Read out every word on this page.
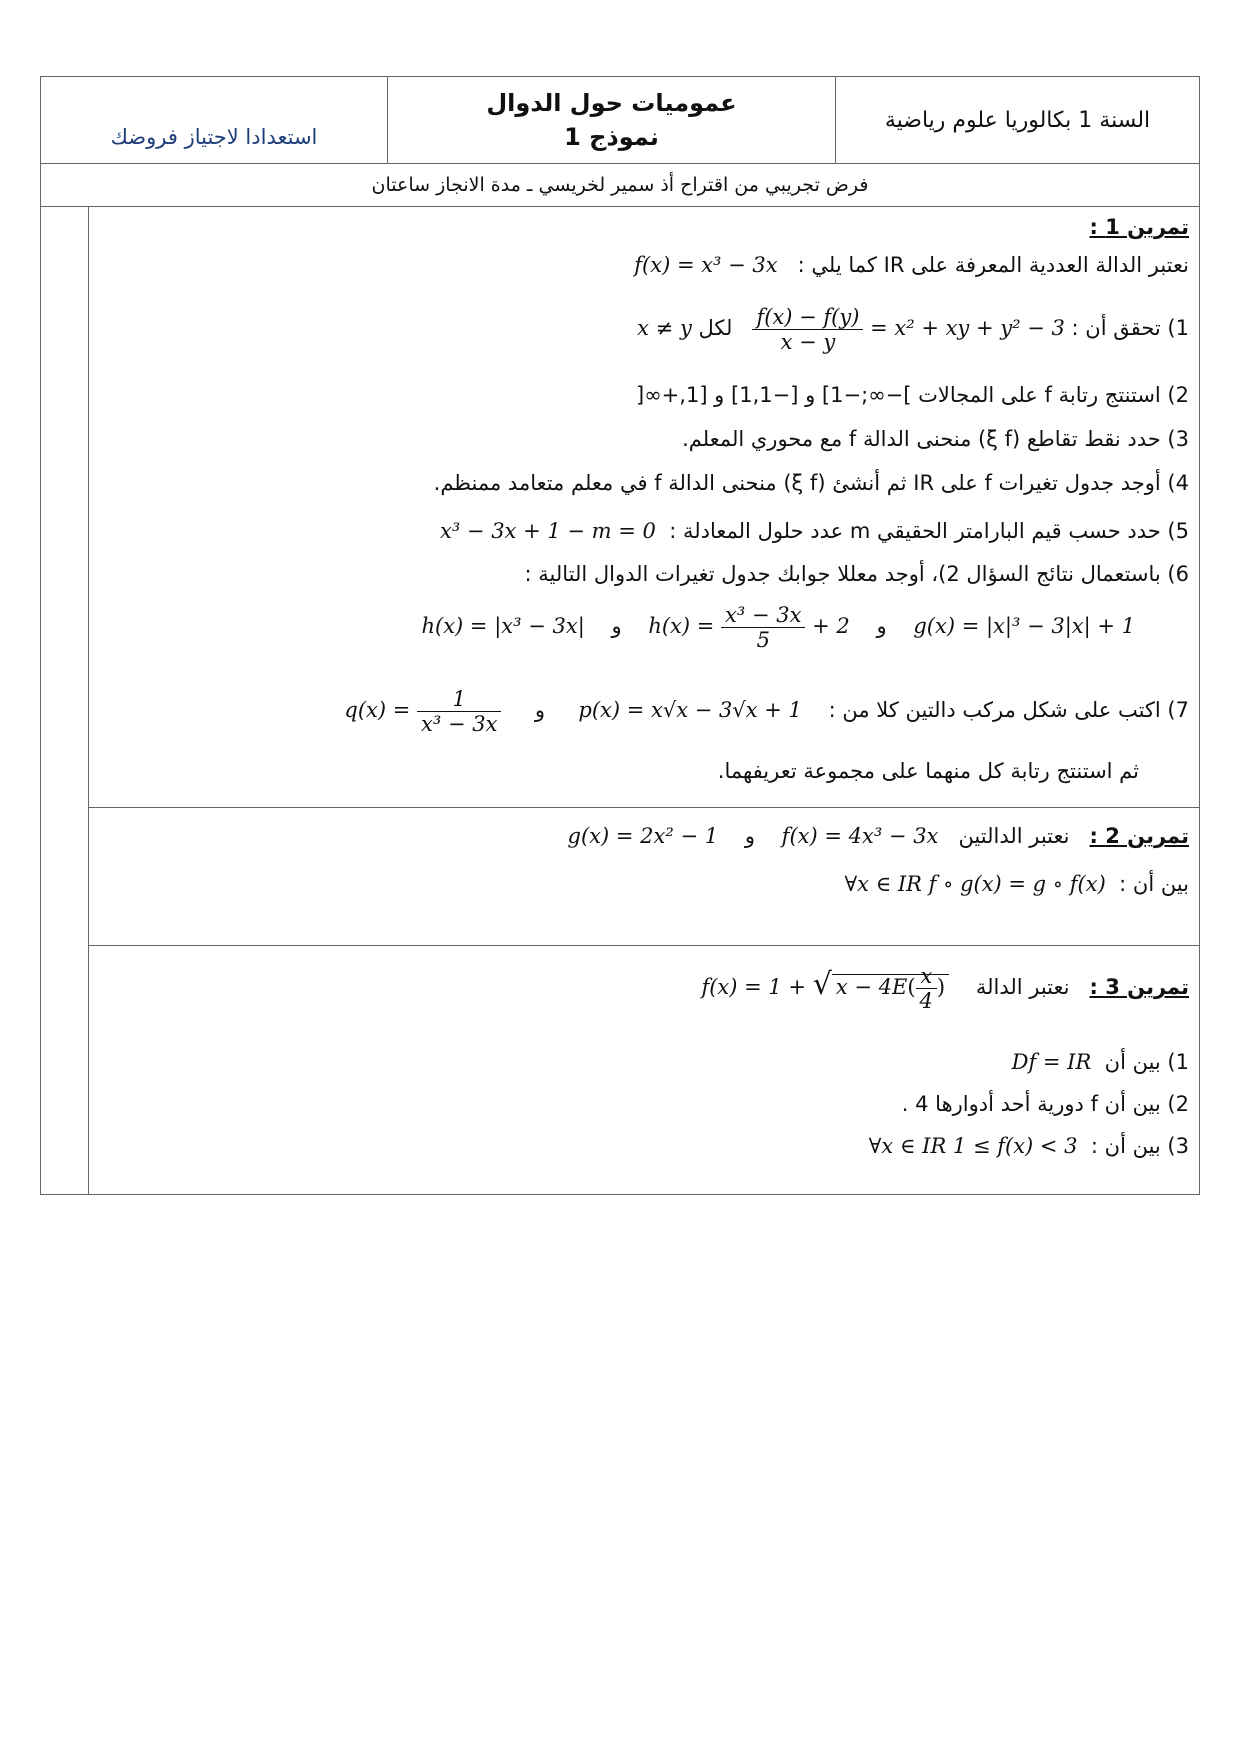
استعدادا لاجتياز فروضك	
عموميات حول الدوال
نموذج 1
	السنة 1 بكالوريا علوم رياضية
فرض تجريبي من اقتراح أذ سمير لخريسي ـ مدة الانجاز ساعتان
تمرين 1 :
نعتبر الدالة العددية المعرفة على IR كما يلي :   f(x) = x³ − 3x
1) تحقق أن :
$\frac{f(x) - f(y)}{x - y} = x^2$ + xy + y² − 3   لكل x ≠ y
2) استنتج رتابة f على المجالات ]−∞;−1] و [−1,1] و [1,+∞[
3) حدد نقط تقاطع (ξ f) منحنى الدالة f مع محوري المعلم.
4) أوجد جدول تغيرات f على IR ثم أنشئ (ξ f) منحنى الدالة f في معلم متعامد ممنظم.
5) حدد حسب قيم البارامتر الحقيقي m عدد حلول المعادلة :  x³ − 3x + 1 − m = 0
6) باستعمال نتائج السؤال 2)، أوجد معللا جوابك جدول تغيرات الدوال التالية :
g(x) = |x|³ − 3|x| + 1    و    $h(x) = \frac{\text{x³ − 3x}}{5} + 2$    و    h(x) = |x³ − 3x|
7) اكتب على شكل مركب دالتين كلا من :    p(x) = x√x − 3√x + 1     و     $q(x) = \frac{1}{\text{x³ − 3x}}$
ثم استنتج رتابة كل منهما على مجموعة تعريفهما.
تمرين 2 :   نعتبر الدالتين   f(x) = 4x³ − 3x    و    g(x) = 2x² − 1
بين أن :  ∀x ∈ IR f ∘ g(x) = g ∘ f(x)
تمرين 3 :   نعتبر الدالة    f(x) = 1 + √ $x - 4E( \frac{x}{4}$ )
1) بين أن  Df = IR
2) بين أن f دورية أحد أدوارها 4 .
3) بين أن :  ∀x ∈ IR 1 ≤ f(x) < 3
